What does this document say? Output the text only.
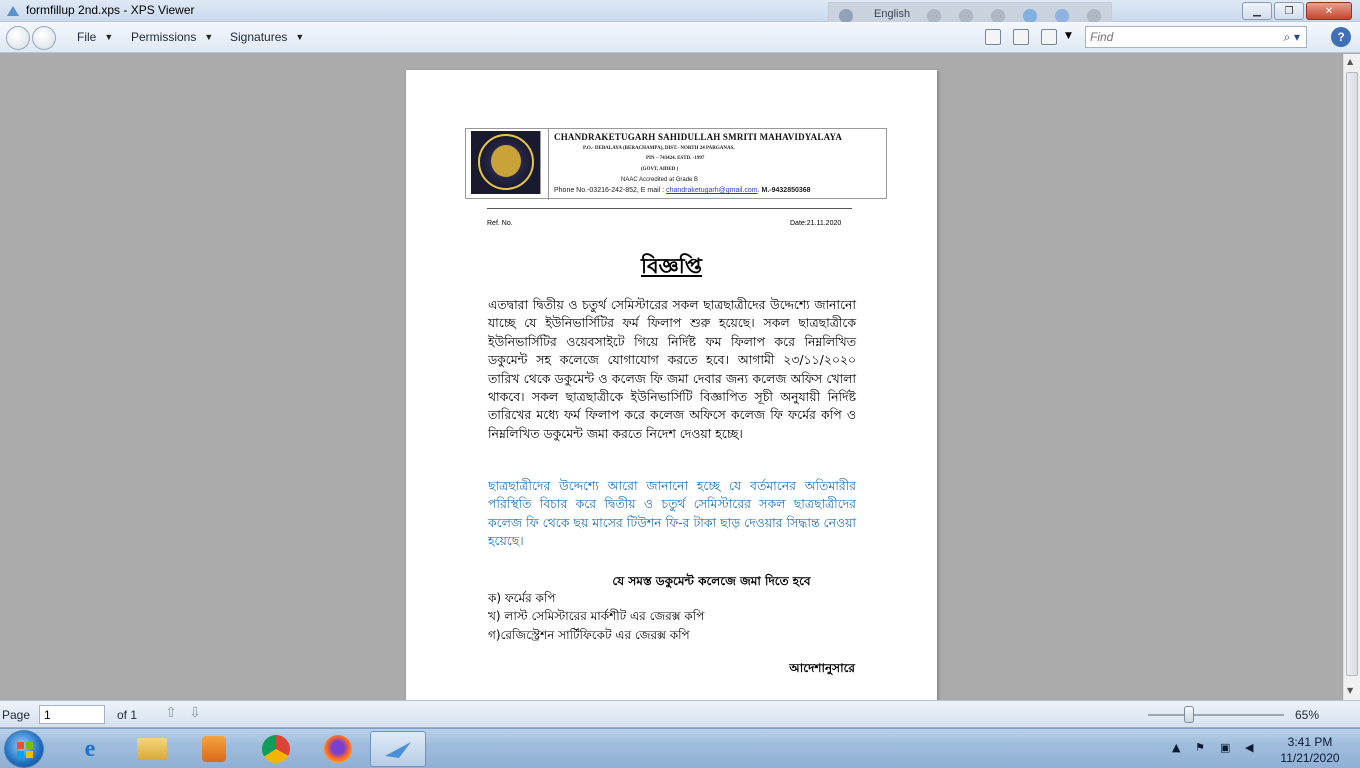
formfillup 2nd.xps - XPS Viewer	English	▁ ❐	✕
File ▼ Permissions ▼ Signatures ▼	▼
Find	⌕ ▾	?
CHANDRAKETUGARH SAHIDULLAH SMRITI MAHAVIDYALAYA
P.O.- DEBALAYA (BERACHAMPA), DIST.- NORTH 24 PARGANAS,
PIN – 743424. ESTD. -1997
(GOVT. AIDED )
NAAC Accredited at Grade B
Phone No.-03216-242-852, E mail : chandraketugarh@gmail.com. M.-9432850368
Ref. No.	Date:21.11.2020
বিজ্ঞপ্তি
এতদ্বারা দ্বিতীয় ও চতুর্থ সেমিস্টারের সকল ছাত্রছাত্রীদের উদ্দেশ্যে জানানো যাচ্ছে যে ইউনিভার্সিটির ফর্ম ফিলাপ শুরু হয়েছে। সকল ছাত্রছাত্রীকে ইউনিভার্সিটির ওয়েবসাইটে গিয়ে নির্দিষ্ট ফম ফিলাপ করে নিম্নলিখিত ডকুমেন্ট সহ কলেজে যোগাযোগ করতে হবে। আগামী ২৩/১১/২০২০ তারিখ থেকে ডকুমেন্ট ও কলেজ ফি জমা দেবার জন্য কলেজ অফিস খোলা থাকবে। সকল ছাত্রছাত্রীকে ইউনিভার্সিটি বিজ্ঞাপিত সূচী অনুযায়ী নির্দিষ্ট তারিখের মধ্যে ফর্ম ফিলাপ করে কলেজ অফিসে কলেজ ফি ফর্মের কপি ও নিম্নলিখিত ডকুমেন্ট জমা করতে নিদেশ দেওয়া হচ্ছে।
ছাত্রছাত্রীদের উদ্দেশ্যে আরো জানানো হচ্ছে যে বর্তমানের অতিমারীর পরিস্থিতি বিচার করে দ্বিতীয় ও চতুর্থ সেমিস্টারের সকল ছাত্রছাত্রীদের কলেজ ফি থেকে ছয় মাসের টিউশন ফি-র টাকা ছাড় দেওয়ার সিদ্ধান্ত নেওয়া হয়েছে।
যে সমস্ত ডকুমেন্ট কলেজে জমা দিতে হবে
ক) ফর্মের কপি
খ) লাস্ট সেমিস্টারের মার্কশীট এর জেরক্স কপি
গ)রেজিস্ট্রেশন সার্টিফিকেট এর জেরক্স কপি
আদেশানুসারে
▲
▼
Page
1	of 1 ⇧ ⇩	65%
e	▲ ⚑ ▣ ◀	3:41 PM
11/21/2020
